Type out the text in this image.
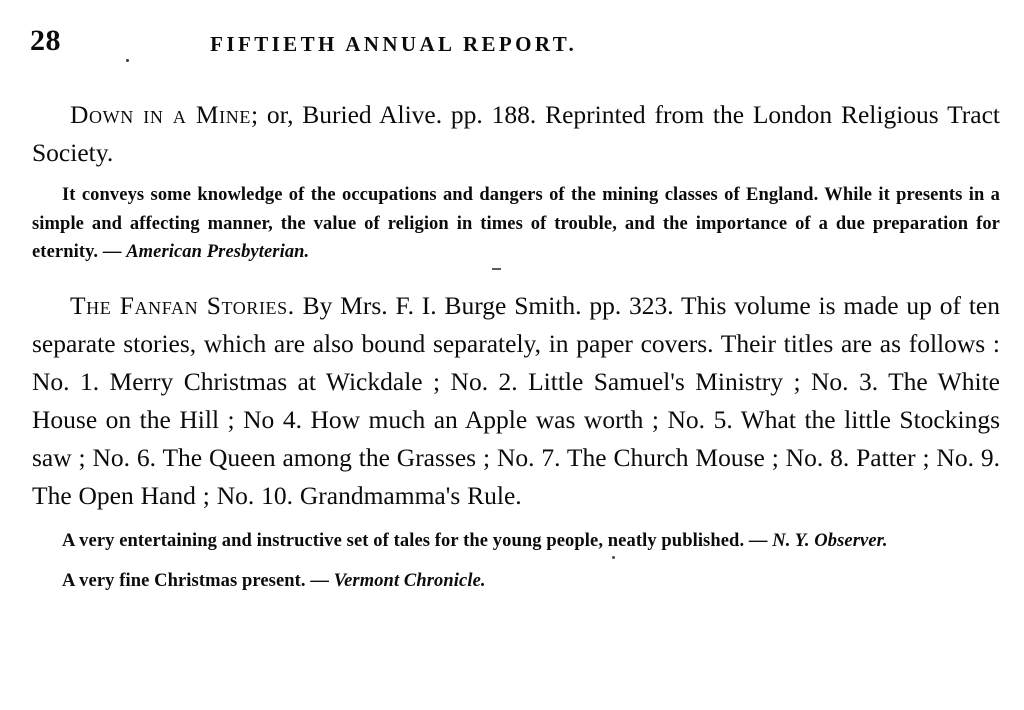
28	FIFTIETH ANNUAL REPORT.

Down in a Mine; or, Buried Alive. pp. 188. Reprinted from the London Religious Tract Society.

It conveys some knowledge of the occupations and dangers of the mining classes of England. While it presents in a simple and affecting manner, the value of religion in times of trouble, and the importance of a due preparation for eternity. — American Presbyterian.

The Fanfan Stories. By Mrs. F. I. Burge Smith. pp. 323. This volume is made up of ten separate stories, which are also bound separately, in paper covers. Their titles are as follows : No. 1. Merry Christmas at Wickdale ; No. 2. Little Samuel's Ministry ; No. 3. The White House on the Hill ; No 4. How much an Apple was worth ; No. 5. What the little Stockings saw ; No. 6. The Queen among the Grasses ; No. 7. The Church Mouse ; No. 8. Patter ; No. 9. The Open Hand ; No. 10. Grandmamma's Rule.

A very entertaining and instructive set of tales for the young people, neatly published. — N. Y. Observer.

A very fine Christmas present. — Vermont Chronicle.
